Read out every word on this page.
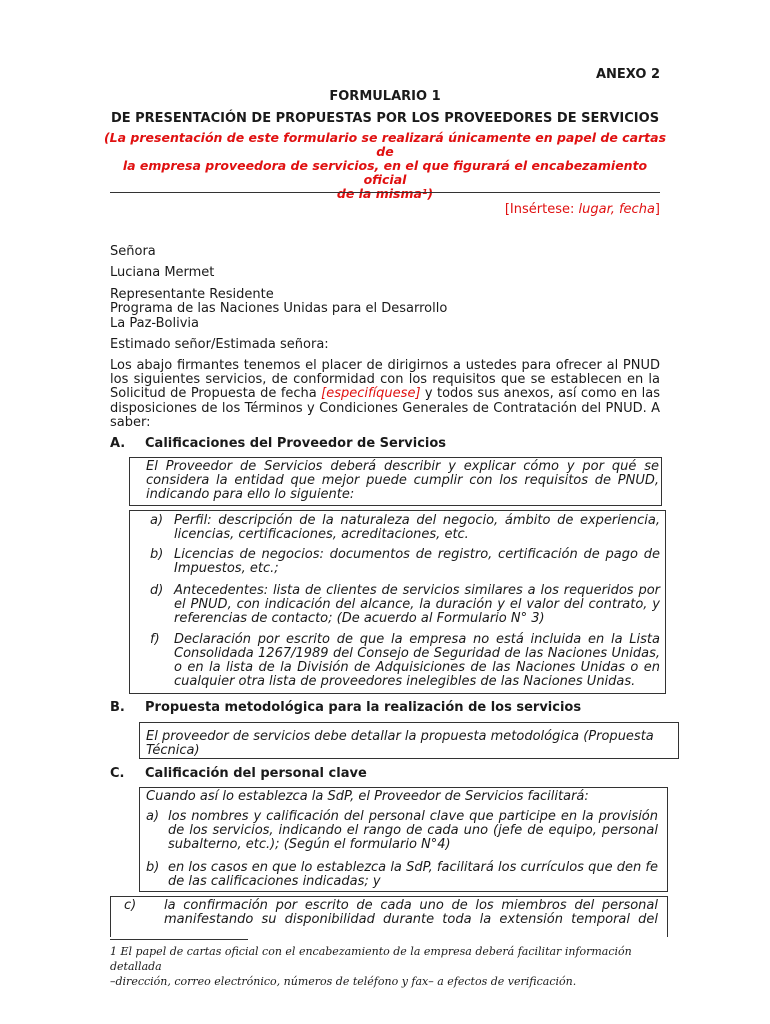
ANEXO 2
FORMULARIO 1
DE PRESENTACIÓN DE PROPUESTAS POR LOS PROVEEDORES DE SERVICIOS
(La presentación de este formulario se realizará únicamente en papel de cartas de
la empresa proveedora de servicios, en el que figurará el encabezamiento oficial
de la misma¹)
[Insértese: lugar, fecha]
Señora
Luciana Mermet
Representante Residente
Programa de las Naciones Unidas para el Desarrollo
La Paz-Bolivia
Estimado señor/Estimada señora:
Los abajo firmantes tenemos el placer de dirigirnos a ustedes para ofrecer al PNUD
los siguientes servicios, de conformidad con los requisitos que se establecen en la
Solicitud de Propuesta de fecha [especifíquese] y todos sus anexos, así como en las
disposiciones de los Términos y Condiciones Generales de Contratación del PNUD. A
saber:
A. Calificaciones del Proveedor de Servicios
El Proveedor de Servicios deberá describir y explicar cómo y por qué se
considera la entidad que mejor puede cumplir con los requisitos de PNUD,
indicando para ello lo siguiente:
a) Perfil: descripción de la naturaleza del negocio, ámbito de experiencia,
licencias, certificaciones, acreditaciones, etc.
b) Licencias de negocios: documentos de registro, certificación de pago de
Impuestos, etc.;
d) Antecedentes: lista de clientes de servicios similares a los requeridos por
el PNUD, con indicación del alcance, la duración y el valor del contrato, y
referencias de contacto; (De acuerdo al Formulario N° 3)
f) Declaración por escrito de que la empresa no está incluida en la Lista
Consolidada 1267/1989 del Consejo de Seguridad de las Naciones Unidas,
o en la lista de la División de Adquisiciones de las Naciones Unidas o en
cualquier otra lista de proveedores inelegibles de las Naciones Unidas.
B. Propuesta metodológica para la realización de los servicios
El proveedor de servicios debe detallar la propuesta metodológica (Propuesta
Técnica)
C. Calificación del personal clave
Cuando así lo establezca la SdP, el Proveedor de Servicios facilitará:
a) los nombres y calificación del personal clave que participe en la provisión
de los servicios, indicando el rango de cada uno (jefe de equipo, personal
subalterno, etc.); (Según el formulario N°4)
b) en los casos en que lo establezca la SdP, facilitará los currículos que den fe
de las calificaciones indicadas; y
c) la confirmación por escrito de cada uno de los miembros del personal
manifestando su disponibilidad durante toda la extensión temporal del
1 El papel de cartas oficial con el encabezamiento de la empresa deberá facilitar información detallada
–dirección, correo electrónico, números de teléfono y fax– a efectos de verificación.
